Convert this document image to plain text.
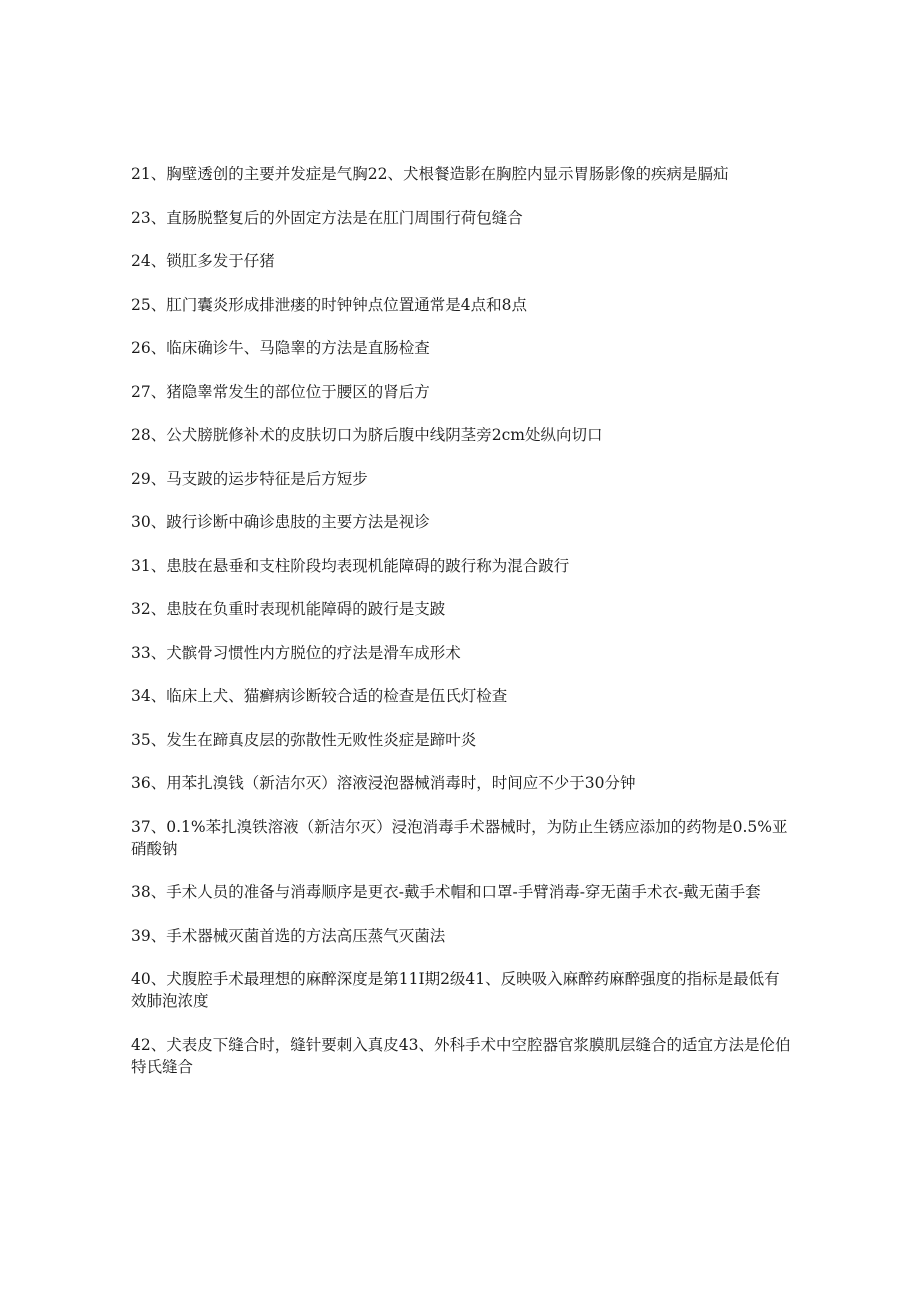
21、胸壁透创的主要并发症是气胸22、犬根餐造影在胸腔内显示胃肠影像的疾病是膈疝

23、直肠脱整复后的外固定方法是在肛门周围行荷包缝合

24、锁肛多发于仔猪

25、肛门囊炎形成排泄瘘的时钟钟点位置通常是4点和8点

26、临床确诊牛、马隐睾的方法是直肠检查

27、猪隐睾常发生的部位位于腰区的肾后方

28、公犬膀胱修补术的皮肤切口为脐后腹中线阴茎旁2cm处纵向切口

29、马支跛的运步特征是后方短步

30、跛行诊断中确诊患肢的主要方法是视诊

31、患肢在悬垂和支柱阶段均表现机能障碍的跛行称为混合跛行

32、患肢在负重时表现机能障碍的跛行是支跛

33、犬髌骨习惯性内方脱位的疗法是滑车成形术

34、临床上犬、猫癣病诊断较合适的检查是伍氏灯检查

35、发生在蹄真皮层的弥散性无败性炎症是蹄叶炎

36、用苯扎溴钱（新洁尔灭）溶液浸泡器械消毒时，时间应不少于30分钟

37、0.1%苯扎溴铁溶液（新洁尔灭）浸泡消毒手术器械时，为防止生锈应添加的药物是0.5%亚硝酸钠

38、手术人员的准备与消毒顺序是更衣-戴手术帽和口罩-手臂消毒-穿无菌手术衣-戴无菌手套

39、手术器械灭菌首选的方法高压蒸气灭菌法

40、犬腹腔手术最理想的麻醉深度是第11I期2级41、反映吸入麻醉药麻醉强度的指标是最低有效肺泡浓度

42、犬表皮下缝合时，缝针要刺入真皮43、外科手术中空腔器官浆膜肌层缝合的适宜方法是伦伯特氏缝合
